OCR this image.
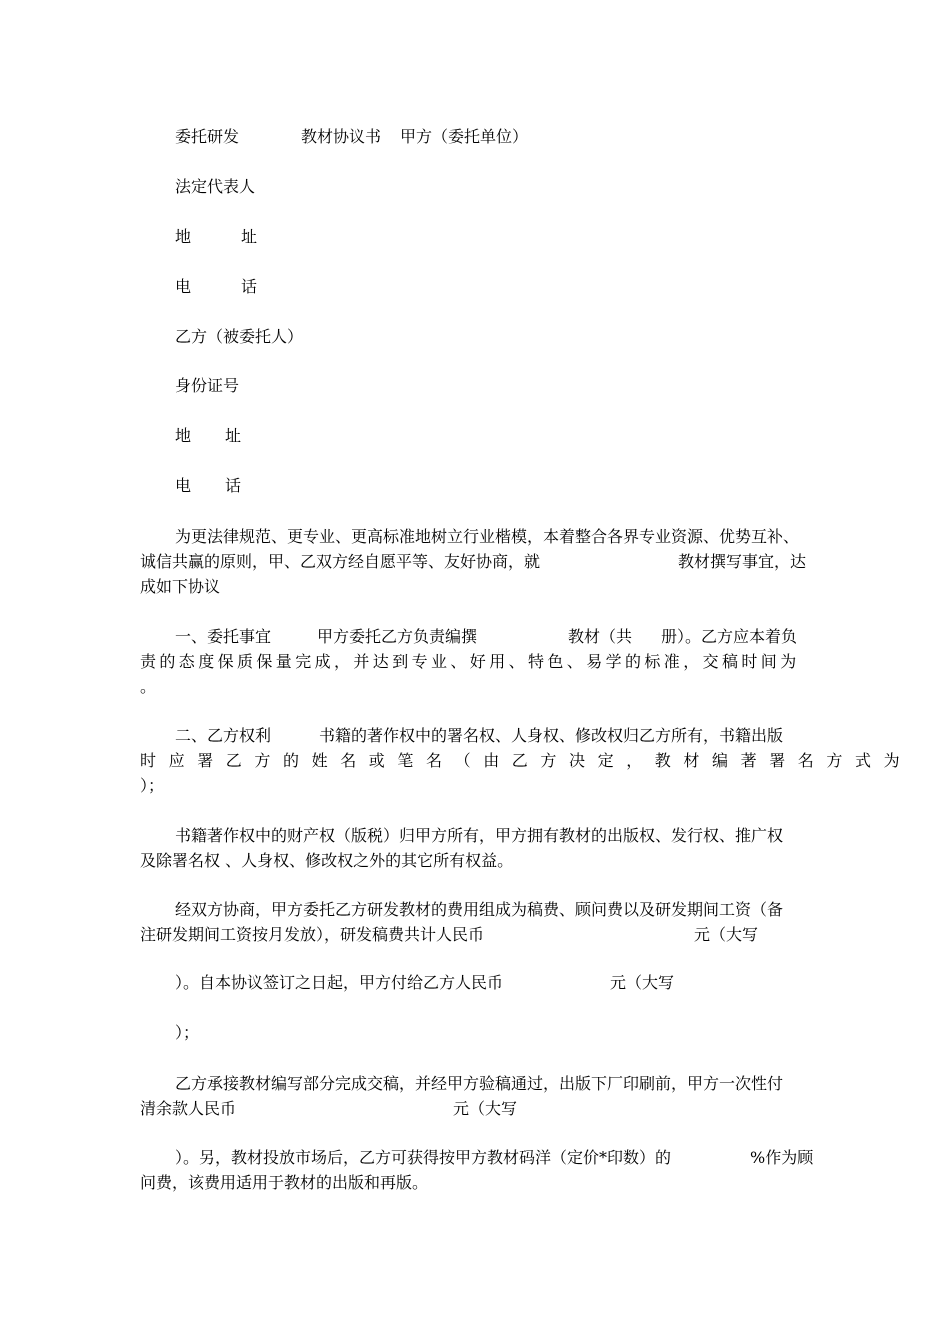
委托研发	教材协议书 甲方（委托单位）
法定代表人
地	址
电	话
乙方（被委托人）
身份证号
地 址
电 话
为更法律规范、更专业、更高标准地树立行业楷模，本着整合各界专业资源、优势互补、
诚信共赢的原则，甲、乙双方经自愿平等、友好协商，就	教材撰写事宜，达
成如下协议
一、委托事宜	甲方委托乙方负责编撰	教材（共 册）。乙方应本着负
责的态度保质保量完成，并达到专业、好用、特色、易学的标准，交稿时间为
。
二、乙方权利	书籍的著作权中的署名权、人身权、修改权归乙方所有，书籍出版
时应署乙方的姓名或笔名（由乙方决定，教材编著署名方式为
）；
书籍著作权中的财产权（版税）归甲方所有，甲方拥有教材的出版权、发行权、推广权
及除署名权 、人身权、修改权之外的其它所有权益。
经双方协商，甲方委托乙方研发教材的费用组成为稿费、顾问费以及研发期间工资（备
注研发期间工资按月发放），研发稿费共计人民币	元（大写
）。自本协议签订之日起，甲方付给乙方人民币	元（大写
）；
乙方承接教材编写部分完成交稿，并经甲方验稿通过，出版下厂印刷前，甲方一次性付
清余款人民币	元（大写
）。另，教材投放市场后，乙方可获得按甲方教材码洋（定价*印数）的	%作为顾
问费，该费用适用于教材的出版和再版。
